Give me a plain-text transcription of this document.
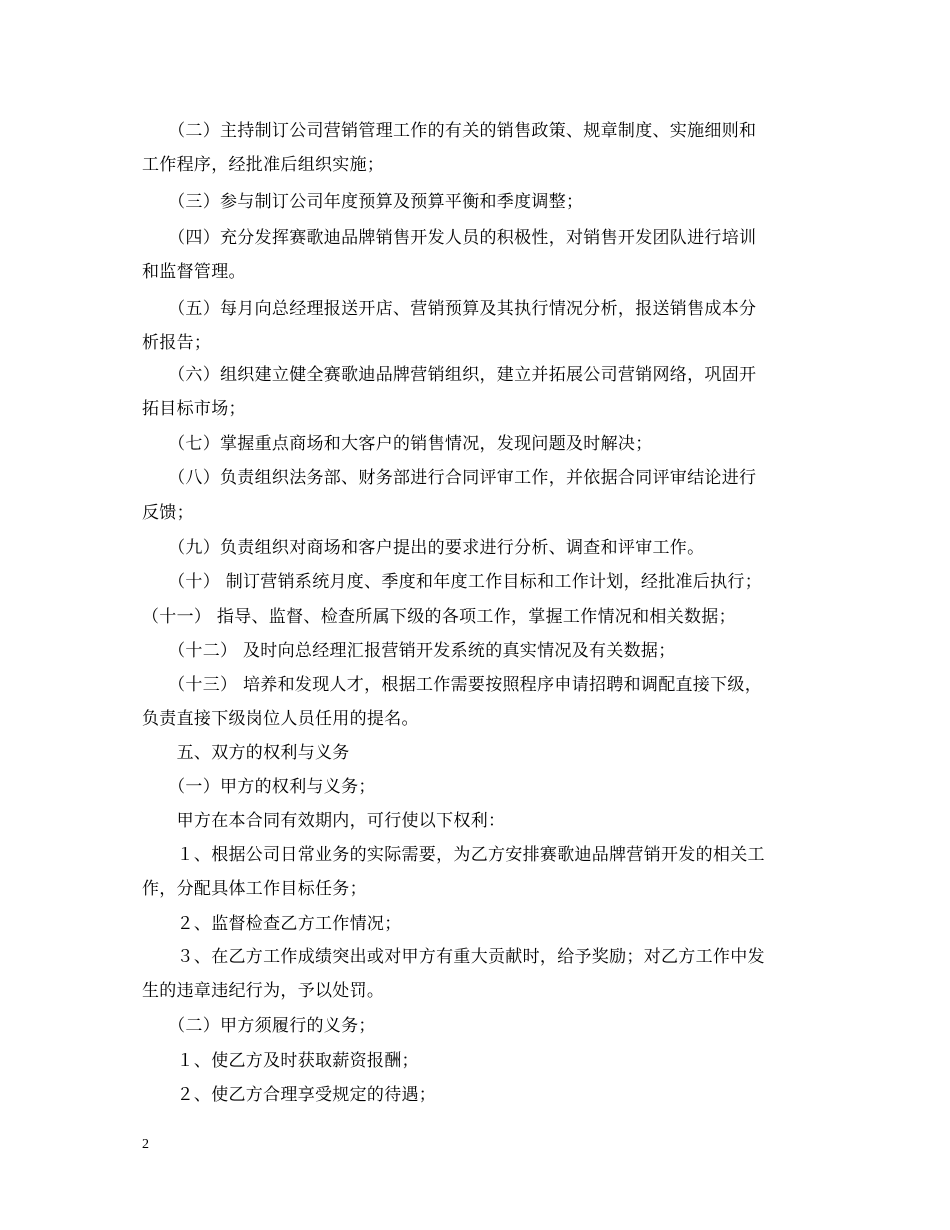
　　（二）主持制订公司营销管理工作的有关的销售政策、规章制度、实施细则和
工作程序，经批准后组织实施；
　　（三）参与制订公司年度预算及预算平衡和季度调整；
　　（四）充分发挥赛歌迪品牌销售开发人员的积极性，对销售开发团队进行培训
和监督管理。
　　（五）每月向总经理报送开店、营销预算及其执行情况分析，报送销售成本分
析报告；
　　（六）组织建立健全赛歌迪品牌营销组织，建立并拓展公司营销网络，巩固开
拓目标市场；
　　（七）掌握重点商场和大客户的销售情况，发现问题及时解决；
　　（八）负责组织法务部、财务部进行合同评审工作，并依据合同评审结论进行
反馈；
　　（九）负责组织对商场和客户提出的要求进行分析、调查和评审工作。
　　（十） 制订营销系统月度、季度和年度工作目标和工作计划，经批准后执行；
（十一） 指导、监督、检查所属下级的各项工作，掌握工作情况和相关数据；
　　（十二） 及时向总经理汇报营销开发系统的真实情况及有关数据；
　　（十三） 培养和发现人才，根据工作需要按照程序申请招聘和调配直接下级，
负责直接下级岗位人员任用的提名。
　　五、双方的权利与义务
　　（一）甲方的权利与义务；
　　甲方在本合同有效期内，可行使以下权利：
　　１、根据公司日常业务的实际需要，为乙方安排赛歌迪品牌营销开发的相关工
作，分配具体工作目标任务；
　　２、监督检查乙方工作情况；
　　３、在乙方工作成绩突出或对甲方有重大贡献时，给予奖励；对乙方工作中发
生的违章违纪行为，予以处罚。
　　（二）甲方须履行的义务；
　　１、使乙方及时获取薪资报酬；
　　２、使乙方合理享受规定的待遇；
2
